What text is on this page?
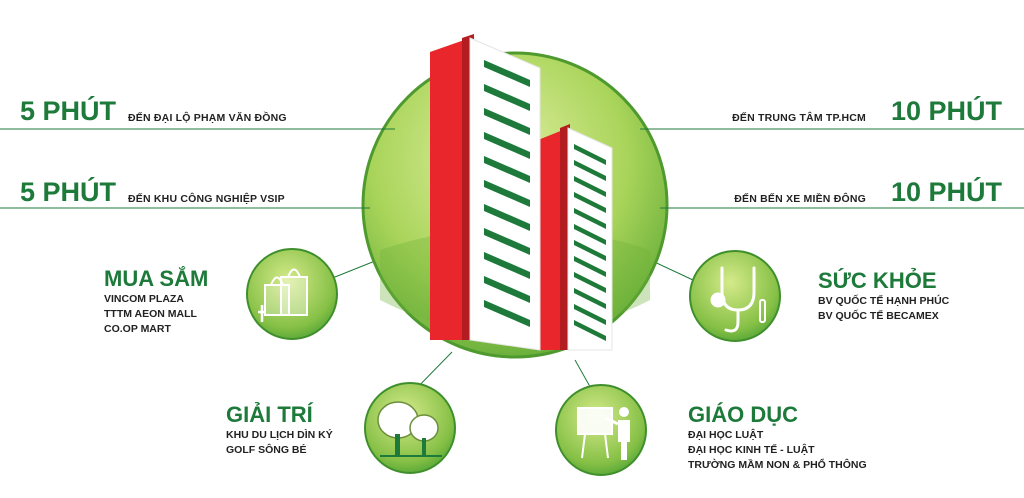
5 PHÚT ĐẾN ĐẠI LỘ PHẠM VĂN ĐỒNG
5 PHÚT ĐẾN KHU CÔNG NGHIỆP VSIP
ĐẾN TRUNG TÂM TP.HCM 10 PHÚT
ĐẾN BẾN XE MIỀN ĐÔNG 10 PHÚT
MUA SẮM
VINCOM PLAZA
TTTM AEON MALL
CO.OP MART
SỨC KHỎE
BV QUỐC TẾ HẠNH PHÚC
BV QUỐC TẾ BECAMEX
GIẢI TRÍ
KHU DU LỊCH DÌN KÝ
GOLF SÔNG BÉ
GIÁO DỤC
ĐẠI HỌC LUẬT
ĐẠI HỌC KINH TẾ - LUẬT
TRƯỜNG MẦM NON & PHỔ THÔNG
